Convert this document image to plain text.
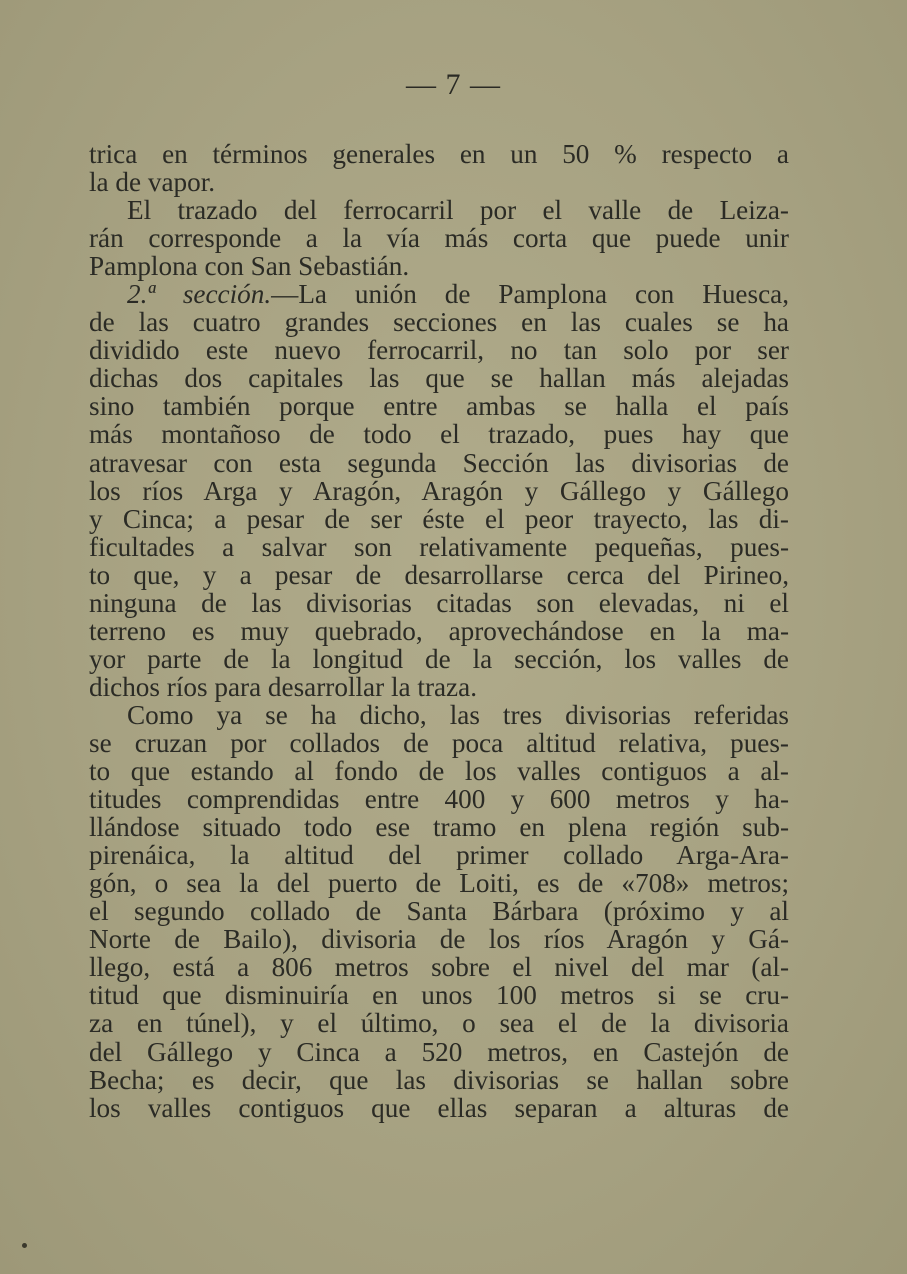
— 7 —
trica en términos generales en un 50 % respecto a
la de vapor.
El trazado del ferrocarril por el valle de Leiza-
rán corresponde a la vía más corta que puede unir
Pamplona con San Sebastián.
2.ª sección.—La unión de Pamplona con Huesca,
de las cuatro grandes secciones en las cuales se ha
dividido este nuevo ferrocarril, no tan solo por ser
dichas dos capitales las que se hallan más alejadas
sino también porque entre ambas se halla el país
más montañoso de todo el trazado, pues hay que
atravesar con esta segunda Sección las divisorias de
los ríos Arga y Aragón, Aragón y Gállego y Gállego
y Cinca; a pesar de ser éste el peor trayecto, las di-
ficultades a salvar son relativamente pequeñas, pues-
to que, y a pesar de desarrollarse cerca del Pirineo,
ninguna de las divisorias citadas son elevadas, ni el
terreno es muy quebrado, aprovechándose en la ma-
yor parte de la longitud de la sección, los valles de
dichos ríos para desarrollar la traza.
Como ya se ha dicho, las tres divisorias referidas
se cruzan por collados de poca altitud relativa, pues-
to que estando al fondo de los valles contiguos a al-
titudes comprendidas entre 400 y 600 metros y ha-
llándose situado todo ese tramo en plena región sub-
pirenáica, la altitud del primer collado Arga-Ara-
gón, o sea la del puerto de Loiti, es de «708» metros;
el segundo collado de Santa Bárbara (próximo y al
Norte de Bailo), divisoria de los ríos Aragón y Gá-
llego, está a 806 metros sobre el nivel del mar (al-
titud que disminuiría en unos 100 metros si se cru-
za en túnel), y el último, o sea el de la divisoria
del Gállego y Cinca a 520 metros, en Castejón de
Becha; es decir, que las divisorias se hallan sobre
los valles contiguos que ellas separan a alturas de
